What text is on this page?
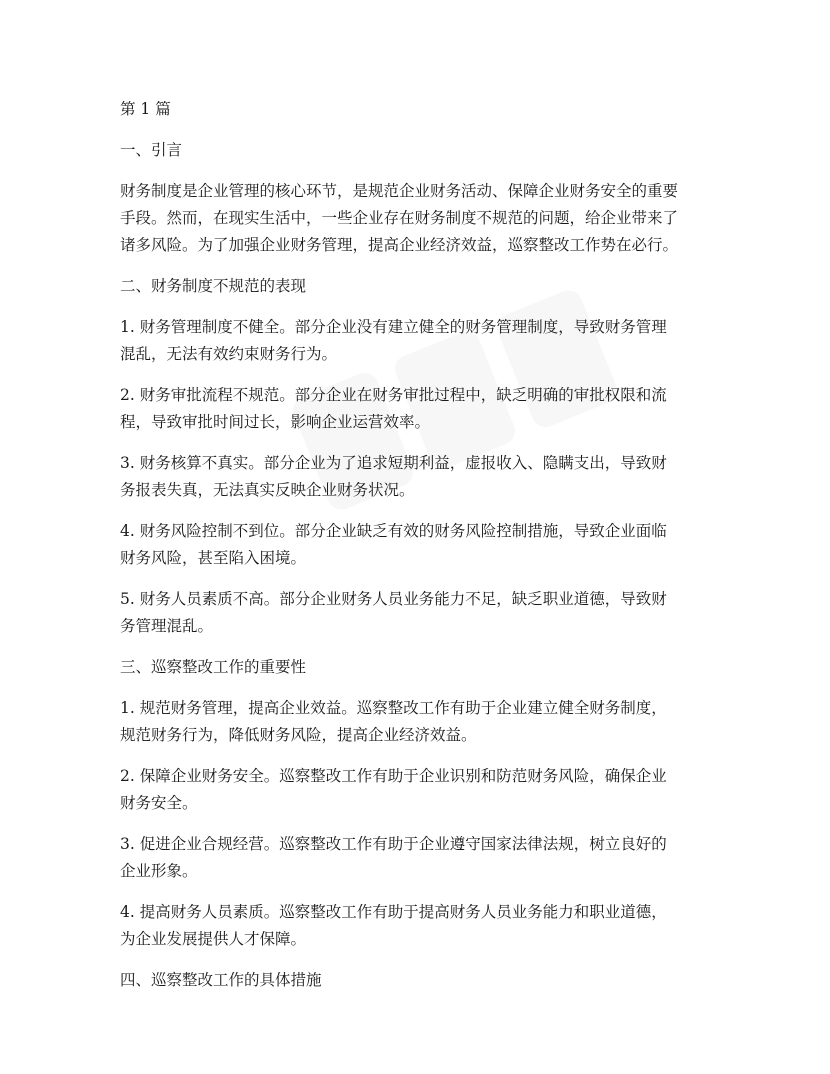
第 1 篇

一、引言

财务制度是企业管理的核心环节，是规范企业财务活动、保障企业财务安全的重要

手段。然而，在现实生活中，一些企业存在财务制度不规范的问题，给企业带来了

诸多风险。为了加强企业财务管理，提高企业经济效益，巡察整改工作势在必行。

二、财务制度不规范的表现

1. 财务管理制度不健全。部分企业没有建立健全的财务管理制度，导致财务管理

混乱，无法有效约束财务行为。

2. 财务审批流程不规范。部分企业在财务审批过程中，缺乏明确的审批权限和流

程，导致审批时间过长，影响企业运营效率。

3. 财务核算不真实。部分企业为了追求短期利益，虚报收入、隐瞒支出，导致财

务报表失真，无法真实反映企业财务状况。

4. 财务风险控制不到位。部分企业缺乏有效的财务风险控制措施，导致企业面临

财务风险，甚至陷入困境。

5. 财务人员素质不高。部分企业财务人员业务能力不足，缺乏职业道德，导致财

务管理混乱。

三、巡察整改工作的重要性

1. 规范财务管理，提高企业效益。巡察整改工作有助于企业建立健全财务制度，

规范财务行为，降低财务风险，提高企业经济效益。

2. 保障企业财务安全。巡察整改工作有助于企业识别和防范财务风险，确保企业

财务安全。

3. 促进企业合规经营。巡察整改工作有助于企业遵守国家法律法规，树立良好的

企业形象。

4. 提高财务人员素质。巡察整改工作有助于提高财务人员业务能力和职业道德，

为企业发展提供人才保障。

四、巡察整改工作的具体措施
